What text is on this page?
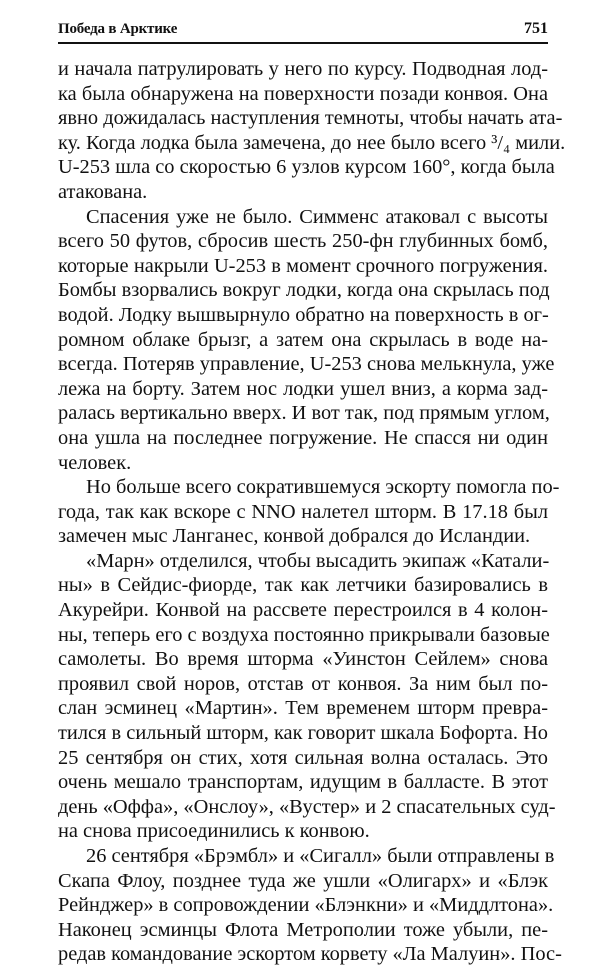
Победа в Арктике	751

и начала патрулировать у него по курсу. Подводная лод-
ка была обнаружена на поверхности позади конвоя. Она
явно дожидалась наступления темноты, чтобы начать ата-
ку. Когда лодка была замечена, до нее было всего ³/₄ мили.
U-253 шла со скоростью 6 узлов курсом 160°, когда была
атакована.

Спасения уже не было. Симменс атаковал с высоты
всего 50 футов, сбросив шесть 250-фн глубинных бомб,
которые накрыли U-253 в момент срочного погружения.
Бомбы взорвались вокруг лодки, когда она скрылась под
водой. Лодку вышвырнуло обратно на поверхность в ог-
ромном облаке брызг, а затем она скрылась в воде на-
всегда. Потеряв управление, U-253 снова мелькнула, уже
лежа на борту. Затем нос лодки ушел вниз, а корма зад-
ралась вертикально вверх. И вот так, под прямым углом,
она ушла на последнее погружение. Не спасся ни один
человек.

Но больше всего сократившемуся эскорту помогла по-
года, так как вскоре с NNO налетел шторм. В 17.18 был
замечен мыс Ланганес, конвой добрался до Исландии.

«Марн» отделился, чтобы высадить экипаж «Катали-
ны» в Сейдис-фиорде, так как летчики базировались в
Акурейри. Конвой на рассвете перестроился в 4 колон-
ны, теперь его с воздуха постоянно прикрывали базовые
самолеты. Во время шторма «Уинстон Сейлем» снова
проявил свой норов, отстав от конвоя. За ним был по-
слан эсминец «Мартин». Тем временем шторм превра-
тился в сильный шторм, как говорит шкала Бофорта. Но
25 сентября он стих, хотя сильная волна осталась. Это
очень мешало транспортам, идущим в балласте. В этот
день «Оффа», «Онслоу», «Вустер» и 2 спасательных суд-
на снова присоединились к конвою.

26 сентября «Брэмбл» и «Сигалл» были отправлены в
Скапа Флоу, позднее туда же ушли «Олигарх» и «Блэк
Рейнджер» в сопровождении «Блэнкни» и «Миддлтона».
Наконец эсминцы Флота Метрополии тоже убыли, пе-
редав командование эскортом корвету «Ла Малуин». Пос-
